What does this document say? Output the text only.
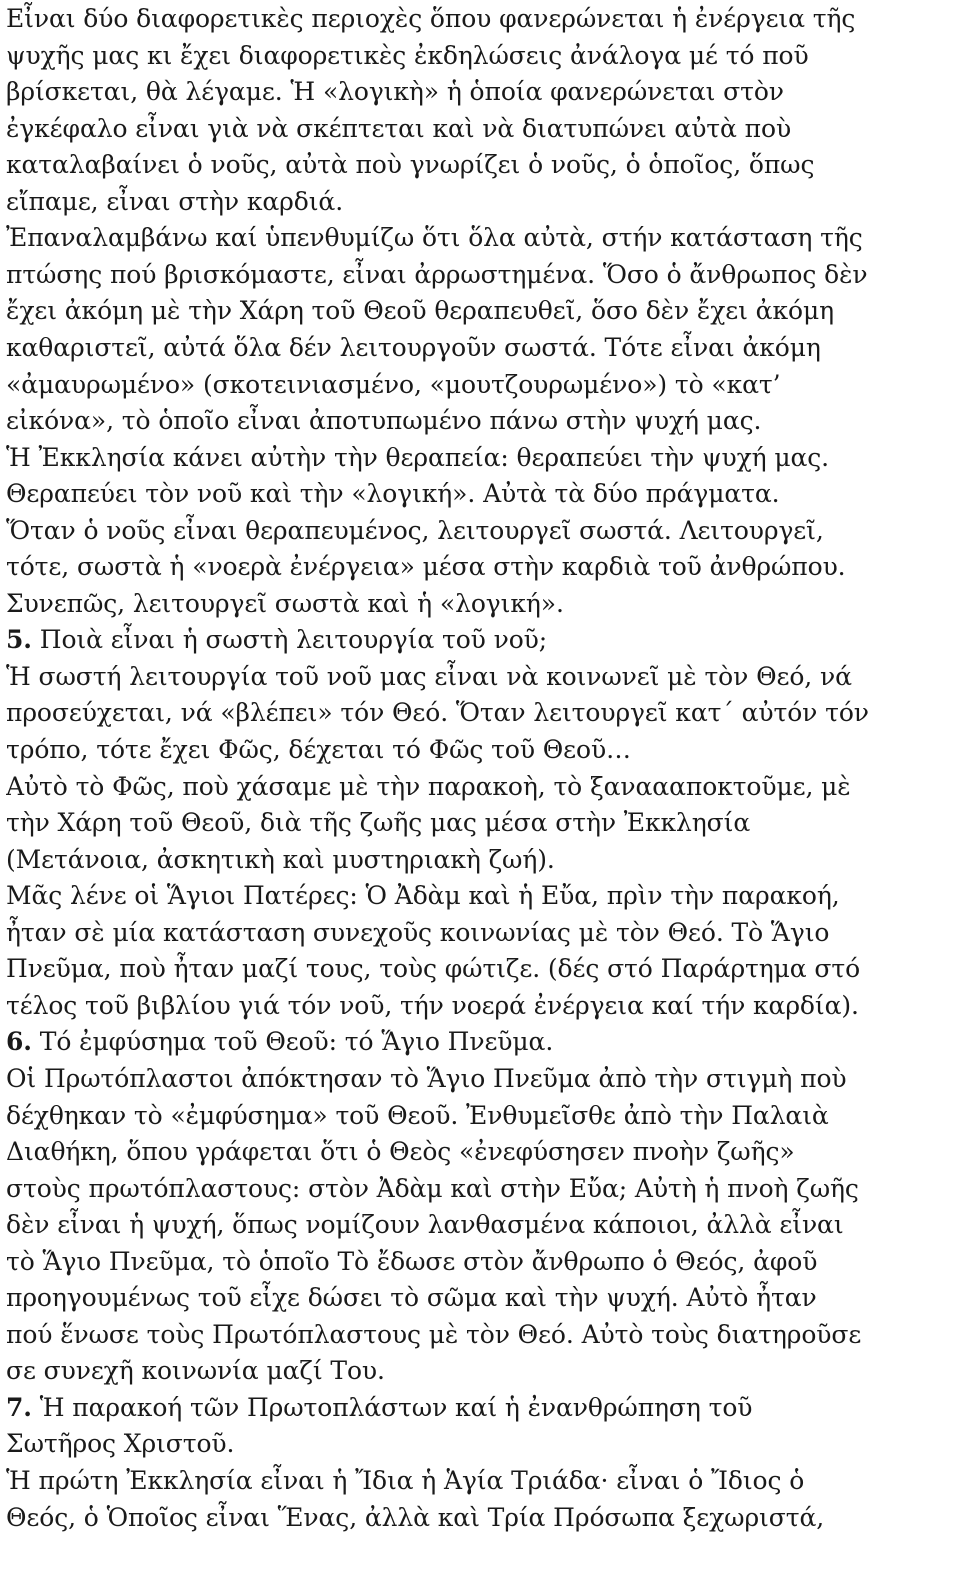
Εἶναι δύο διαφορετικὲς περιοχὲς ὅπου φανερώνεται ἡ ἐνέργεια τῆς
ψυχῆς μας κι ἔχει διαφορετικὲς ἐκδηλώσεις ἀνάλογα μέ τό ποῦ
βρίσκεται, θὰ λέγαμε. Ἡ «λογικὴ» ἡ ὁποία φανερώνεται στὸν
ἐγκέφαλο εἶναι γιὰ νὰ σκέπτεται καὶ νὰ διατυπώνει αὐτὰ ποὺ
καταλαβαίνει ὁ νοῦς, αὐτὰ ποὺ γνωρίζει ὁ νοῦς, ὁ ὁποῖος, ὅπως
εἴπαμε, εἶναι στὴν καρδιά.
Ἐπαναλαμβάνω καί ὑπενθυμίζω ὅτι ὅλα αὐτὰ, στήν κατάσταση τῆς
πτώσης πού βρισκόμαστε, εἶναι ἀρρωστημένα. Ὅσο ὁ ἄνθρωπος δὲν
ἔχει ἀκόμη μὲ τὴν Χάρη τοῦ Θεοῦ θεραπευθεῖ, ὅσο δὲν ἔχει ἀκόμη
καθαριστεῖ, αὐτά ὅλα δέν λειτουργοῦν σωστά. Τότε εἶναι ἀκόμη
«ἀμαυρωμένο» (σκοτεινιασμένο, «μουτζουρωμένο») τὸ «κατ’
εἰκόνα», τὸ ὁποῖο εἶναι ἀποτυπωμένο πάνω στὴν ψυχή μας.
Ἡ Ἐκκλησία κάνει αὐτὴν τὴν θεραπεία: θεραπεύει τὴν ψυχή μας.
Θεραπεύει τὸν νοῦ καὶ τὴν «λογική». Αὐτὰ τὰ δύο πράγματα.
Ὅταν ὁ νοῦς εἶναι θεραπευμένος, λειτουργεῖ σωστά. Λειτουργεῖ,
τότε, σωστὰ ἡ «νοερὰ ἐνέργεια» μέσα στὴν καρδιὰ τοῦ ἀνθρώπου.
Συνεπῶς, λειτουργεῖ σωστὰ καὶ ἡ «λογική».
5. Ποιὰ εἶναι ἡ σωστὴ λειτουργία τοῦ νοῦ;
Ἡ σωστή λειτουργία τοῦ νοῦ μας εἶναι νὰ κοινωνεῖ μὲ τὸν Θεό, νά
προσεύχεται, νά «βλέπει» τόν Θεό. Ὅταν λειτουργεῖ κατ΄ αὐτόν τόν
τρόπο, τότε ἔχει Φῶς, δέχεται τό Φῶς τοῦ Θεοῦ…
Αὐτὸ τὸ Φῶς, ποὺ χάσαμε μὲ τὴν παρακοὴ, τὸ ξαναααποκτοῦμε, μὲ
τὴν Χάρη τοῦ Θεοῦ, διὰ τῆς ζωῆς μας μέσα στὴν Ἐκκλησία
(Μετάνοια, ἀσκητικὴ καὶ μυστηριακὴ ζωή).
Μᾶς λένε οἱ Ἅγιοι Πατέρες: Ὁ Ἀδὰμ καὶ ἡ Εὔα, πρὶν τὴν παρακοή,
ἦταν σὲ μία κατάσταση συνεχοῦς κοινωνίας μὲ τὸν Θεό. Τὸ Ἅγιο
Πνεῦμα, ποὺ ἦταν μαζί τους, τοὺς φώτιζε. (δές στό Παράρτημα στό
τέλος τοῦ βιβλίου γιά τόν νοῦ, τήν νοερά ἐνέργεια καί τήν καρδία).
6. Τό ἐμφύσημα τοῦ Θεοῦ: τό Ἅγιο Πνεῦμα.
Οἱ Πρωτόπλαστοι ἀπόκτησαν τὸ Ἅγιο Πνεῦμα ἀπὸ τὴν στιγμὴ ποὺ
δέχθηκαν τὸ «ἐμφύσημα» τοῦ Θεοῦ. Ἐνθυμεῖσθε ἀπὸ τὴν Παλαιὰ
Διαθήκη, ὅπου γράφεται ὅτι ὁ Θεὸς «ἐνεφύσησεν πνοὴν ζωῆς»
στοὺς πρωτόπλαστους: στὸν Ἀδὰμ καὶ στὴν Εὔα; Αὐτὴ ἡ πνοὴ ζωῆς
δὲν εἶναι ἡ ψυχή, ὅπως νομίζουν λανθασμένα κάποιοι, ἀλλὰ εἶναι
τὸ Ἅγιο Πνεῦμα, τὸ ὁποῖο Τὸ ἔδωσε στὸν ἄνθρωπο ὁ Θεός, ἀφοῦ
προηγουμένως τοῦ εἶχε δώσει τὸ σῶμα καὶ τὴν ψυχή. Αὐτὸ ἦταν
πού ἕνωσε τοὺς Πρωτόπλαστους μὲ τὸν Θεό. Αὐτὸ τοὺς διατηροῦσε
σε συνεχῆ κοινωνία μαζί Του.
7. Ἡ παρακοή τῶν Πρωτοπλάστων καί ἡ ἐνανθρώπηση τοῦ
Σωτῆρος Χριστοῦ.
Ἡ πρώτη Ἐκκλησία εἶναι ἡ Ἴδια ἡ Ἁγία Τριάδα· εἶναι ὁ Ἴδιος ὁ
Θεός, ὁ Ὁποῖος εἶναι Ἕνας, ἀλλὰ καὶ Τρία Πρόσωπα ξεχωριστά,
